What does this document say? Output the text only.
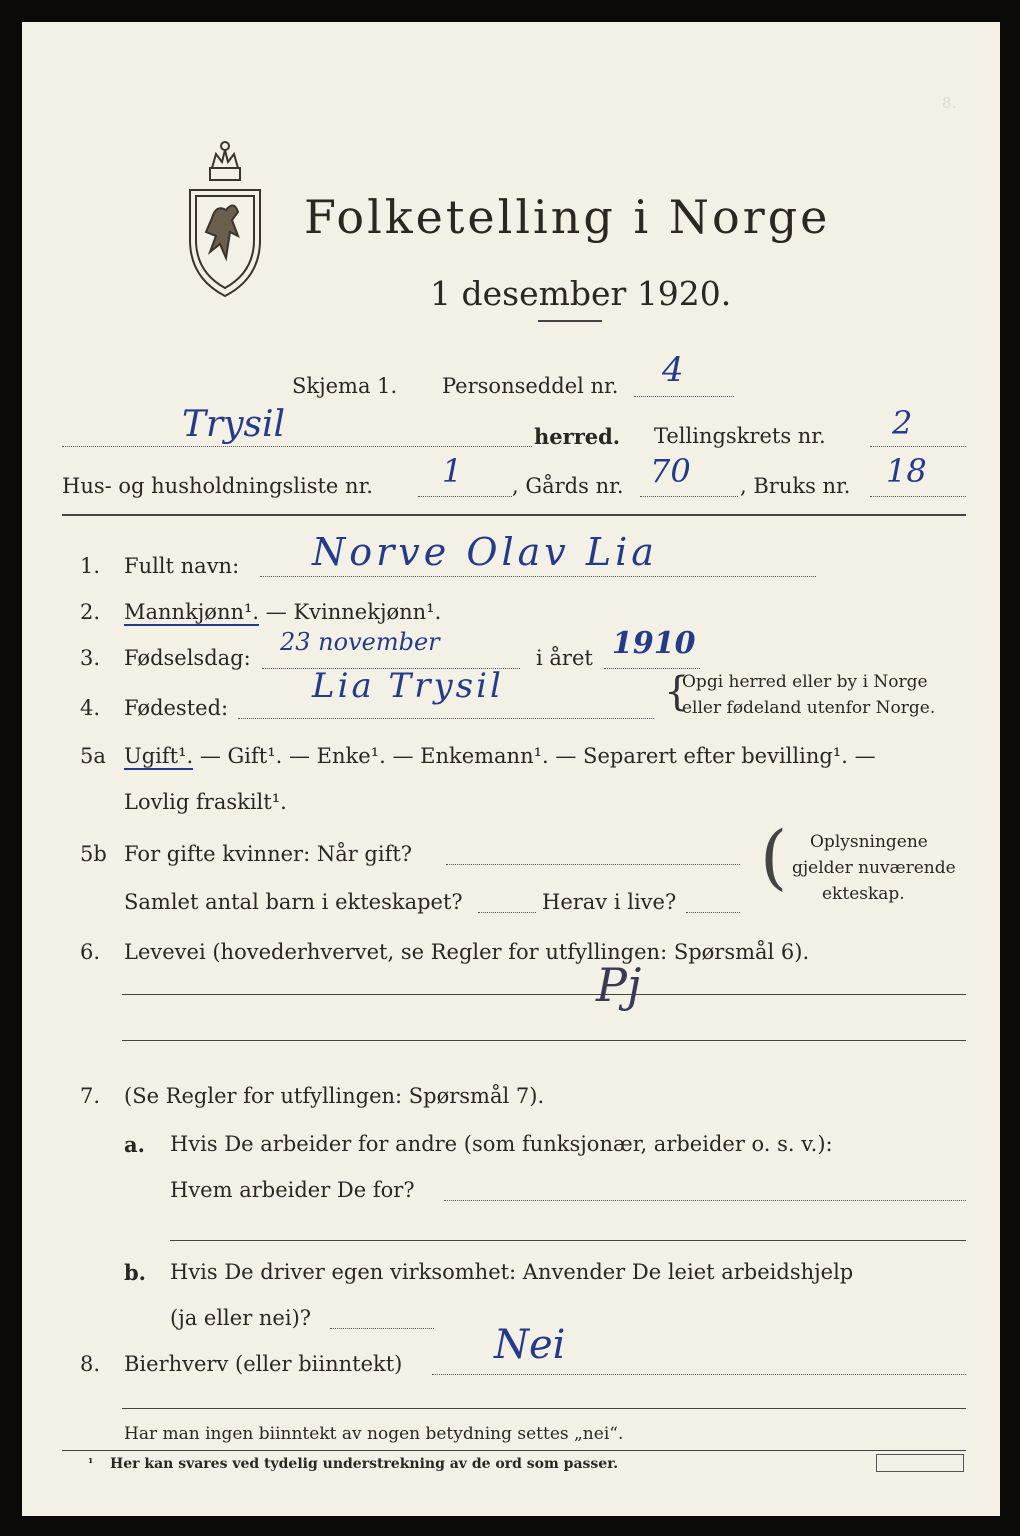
8.
Folketelling i Norge
1 desember 1920.
Skjema 1. Personseddel nr. 4
Trysil	herred. Tellingskrets nr. 2
Hus- og husholdningsliste nr. 1 , Gårds nr. 70 , Bruks nr. 18
1. Fullt navn: Norve Olav Lia
2. Mannkjønn¹. — Kvinnekjønn¹.
3. Fødselsdag:
23 november
i året 1910
4. Fødested:
Lia Trysil	{
Opgi herred eller by i Norge
eller fødeland utenfor Norge.
5a Ugift¹. — Gift¹. — Enke¹. — Enkemann¹. — Separert efter bevilling¹. —
Lovlig fraskilt¹.
5b For gifte kvinner: Når gift?
Samlet antal barn i ekteskapet?	Herav i live?
( Oplysningene
gjelder nuværende
ekteskap.
6. Levevei (hovederhvervet, se Regler for utfyllingen: Spørsmål 6).
Pj
7. (Se Regler for utfyllingen: Spørsmål 7).
a. Hvis De arbeider for andre (som funksjonær, arbeider o. s. v.):
Hvem arbeider De for?
b. Hvis De driver egen virksomhet: Anvender De leiet arbeidshjelp
(ja eller nei)?
8. Bierhverv (eller biinntekt) Nei
Har man ingen biinntekt av nogen betydning settes „nei“.
¹ Her kan svares ved tydelig understrekning av de ord som passer.
